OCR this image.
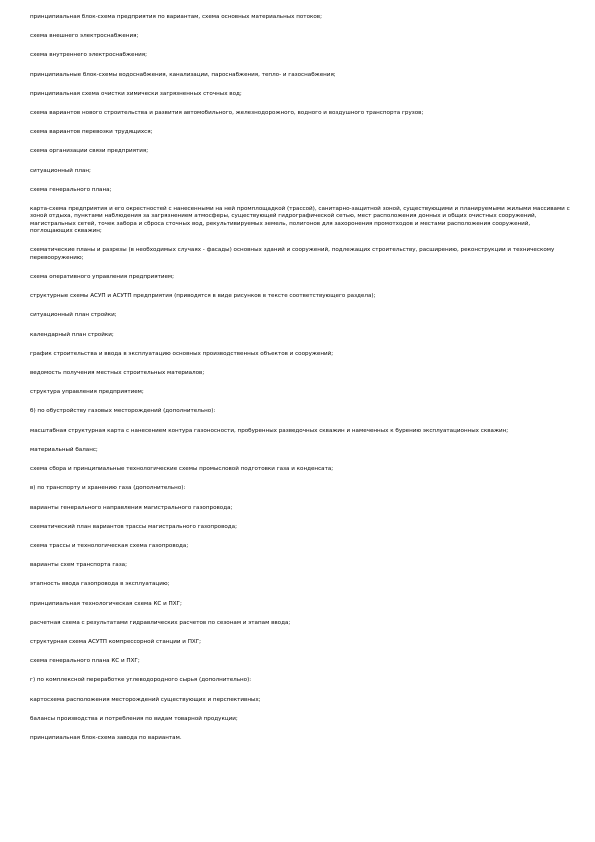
принципиальная блок-схема предприятия по вариантам, схема основных материальных потоков;

схема внешнего электроснабжения;

схема внутреннего электроснабжения;

принципиальные блок-схемы водоснабжения, канализации, пароснабжения, тепло- и газоснабжения;

принципиальная схема очистки химически загрязненных сточных вод;

схема вариантов нового строительства и развития автомобильного, железнодорожного, водного и воздушного транспорта грузов;

схема вариантов перевозки трудящихся;

схема организации связи предприятия;

ситуационный план;

схема генерального плана;

карта-схема предприятия и его окрестностей с нанесенными на ней промплощадкой (трассой), санитарно-защитной зоной, существующими и планируемыми жилыми массивами с зоной отдыха, пунктами наблюдения за загрязнением атмосферы, существующей гидрографической сетью, мест расположения донных и общих очистных сооружений, магистральных сетей, точек забора и сброса сточных вод, рекультивируемых земель, полигонов для захоронения промотходов и местами расположения сооружений, поглощающих скважин;

схематические планы и разрезы (в необходимых случаях - фасады) основных зданий и сооружений, подлежащих строительству, расширению, реконструкции и техническому перевооружению;

схема оперативного управления предприятием;

структурные схемы АСУП и АСУТП предприятия (приводятся в виде рисунков в тексте соответствующего раздела);

ситуационный план стройки;

календарный план стройки;

график строительства и ввода в эксплуатацию основных производственных объектов и сооружений;

ведомость получения местных строительных материалов;

структура управления предприятием;

б) по обустройству газовых месторождений (дополнительно):

масштабная структурная карта с нанесением контура газоносности, пробуренных разведочных скважин и намеченных к бурению эксплуатационных скважин;

материальный баланс;

схема сбора и принципиальные технологические схемы промысловой подготовки газа и конденсата;

в) по транспорту и хранению газа (дополнительно):

варианты генерального направления магистрального газопровода;

схематический план вариантов трассы магистрального газопровода;

схема трассы и технологическая схема газопровода;

варианты схем транспорта газа;

этапность ввода газопровода в эксплуатацию;

принципиальная технологическая схема КС и ПХГ;

расчетная схема с результатами гидравлических расчетов по сезонам и этапам ввода;

структурная схема АСУТП компрессорной станции и ПХГ;

схема генерального плана КС и ПХГ;

г) по комплексной переработке углеводородного сырья (дополнительно):

картосхема расположения месторождений существующих и перспективных;

балансы производства и потребления по видам товарной продукции;

принципиальная блок-схема завода по вариантам.
